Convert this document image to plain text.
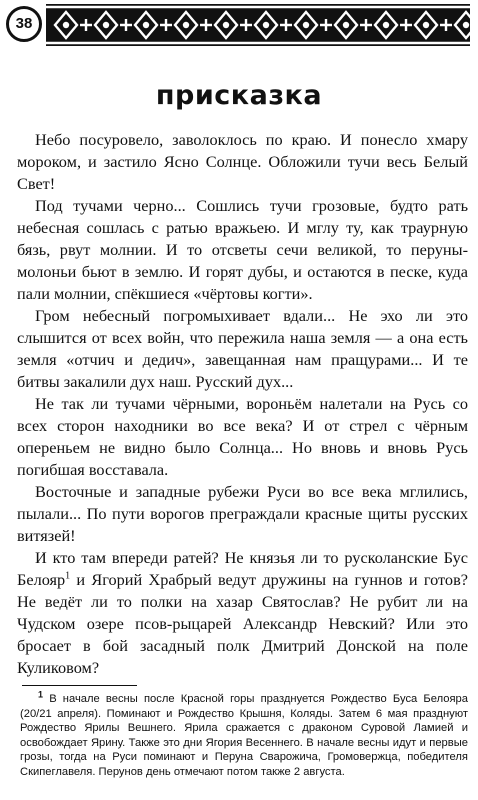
38
присказка

Небо посуровело, заволоклось по краю. И понесло хмару мороком, и застило Ясно Солнце. Обложили тучи весь Белый Свет!

Под тучами черно... Сошлись тучи грозовые, будто рать небесная сошлась с ратью вражьею. И мглу ту, как траурную бязь, рвут молнии. И то отсветы сечи великой, то перуны-молоньи бьют в землю. И горят дубы, и остаются в песке, куда пали молнии, спёкшиеся «чёртовы когти».

Гром небесный погромыхивает вдали... Не эхо ли это слышится от всех войн, что пережила наша земля — а она есть земля «отчич и дедич», завещанная нам пращурами... И те битвы закалили дух наш. Русский дух...

Не так ли тучами чёрными, вороньём налетали на Русь со всех сторон находники во все века? И от стрел с чёрным опереньем не видно было Солнца... Но вновь и вновь Русь погибшая восставала.

Восточные и западные рубежи Руси во все века мглились, пылали... По пути ворогов преграждали красные щиты русских витязей!

И кто там впереди ратей? Не князья ли то русколанские Бус Белояр$^1$ и Ягорий Храбрый ведут дружины на гуннов и готов? Не ведёт ли то полки на хазар Святослав? Не рубит ли на Чудском озере псов-рыцарей Александр Невский? Или это бросает в бой засадный полк Дмитрий Донской на поле Куликовом?

$^1$ В начале весны после Красной горы празднуется Рождество Буса Белояра (20/21 апреля). Поминают и Рождество Крышня, Коляды. Затем 6 мая празднуют Рождество Ярилы Вешнего. Ярила сражается с драконом Суровой Ламией и освобождает Ярину. Также это дни Ягория Весеннего. В начале весны идут и первые грозы, тогда на Руси поминают и Перуна Сварожича, Громовержца, победителя Скипеглавеля. Перунов день отмечают потом также 2 августа.
